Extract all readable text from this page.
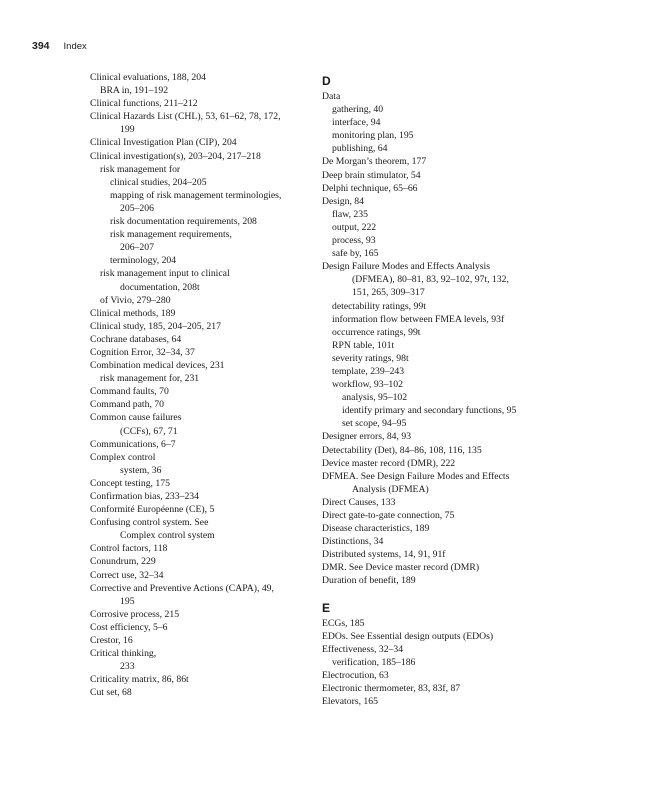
394 Index

Clinical evaluations, 188, 204

BRA in, 191–192

Clinical functions, 211–212

Clinical Hazards List (CHL), 53, 61–62, 78, 172,

199

Clinical Investigation Plan (CIP), 204

Clinical investigation(s), 203–204, 217–218

risk management for

clinical studies, 204–205

mapping of risk management terminologies,

205–206

risk documentation requirements, 208

risk management requirements,

206–207

terminology, 204

risk management input to clinical

documentation, 208t

of Vivio, 279–280

Clinical methods, 189

Clinical study, 185, 204–205, 217

Cochrane databases, 64

Cognition Error, 32–34, 37

Combination medical devices, 231

risk management for, 231

Command faults, 70

Command path, 70

Common cause failures

(CCFs), 67, 71

Communications, 6–7

Complex control

system, 36

Concept testing, 175

Confirmation bias, 233–234

Conformité Européenne (CE), 5

Confusing control system. See

Complex control system

Control factors, 118

Conundrum, 229

Correct use, 32–34

Corrective and Preventive Actions (CAPA), 49,

195

Corrosive process, 215

Cost efficiency, 5–6

Crestor, 16

Critical thinking,

233

Criticality matrix, 86, 86t

Cut set, 68

D

Data

gathering, 40

interface, 94

monitoring plan, 195

publishing, 64

De Morgan’s theorem, 177

Deep brain stimulator, 54

Delphi technique, 65–66

Design, 84

flaw, 235

output, 222

process, 93

safe by, 165

Design Failure Modes and Effects Analysis

(DFMEA), 80–81, 83, 92–102, 97t, 132,

151, 265, 309–317

detectability ratings, 99t

information flow between FMEA levels, 93f

occurrence ratings, 99t

RPN table, 101t

severity ratings, 98t

template, 239–243

workflow, 93–102

analysis, 95–102

identify primary and secondary functions, 95

set scope, 94–95

Designer errors, 84, 93

Detectability (Det), 84–86, 108, 116, 135

Device master record (DMR), 222

DFMEA. See Design Failure Modes and Effects

Analysis (DFMEA)

Direct Causes, 133

Direct gate-to-gate connection, 75

Disease characteristics, 189

Distinctions, 34

Distributed systems, 14, 91, 91f

DMR. See Device master record (DMR)

Duration of benefit, 189

E

ECGs, 185

EDOs. See Essential design outputs (EDOs)

Effectiveness, 32–34

verification, 185–186

Electrocution, 63

Electronic thermometer, 83, 83f, 87

Elevators, 165
